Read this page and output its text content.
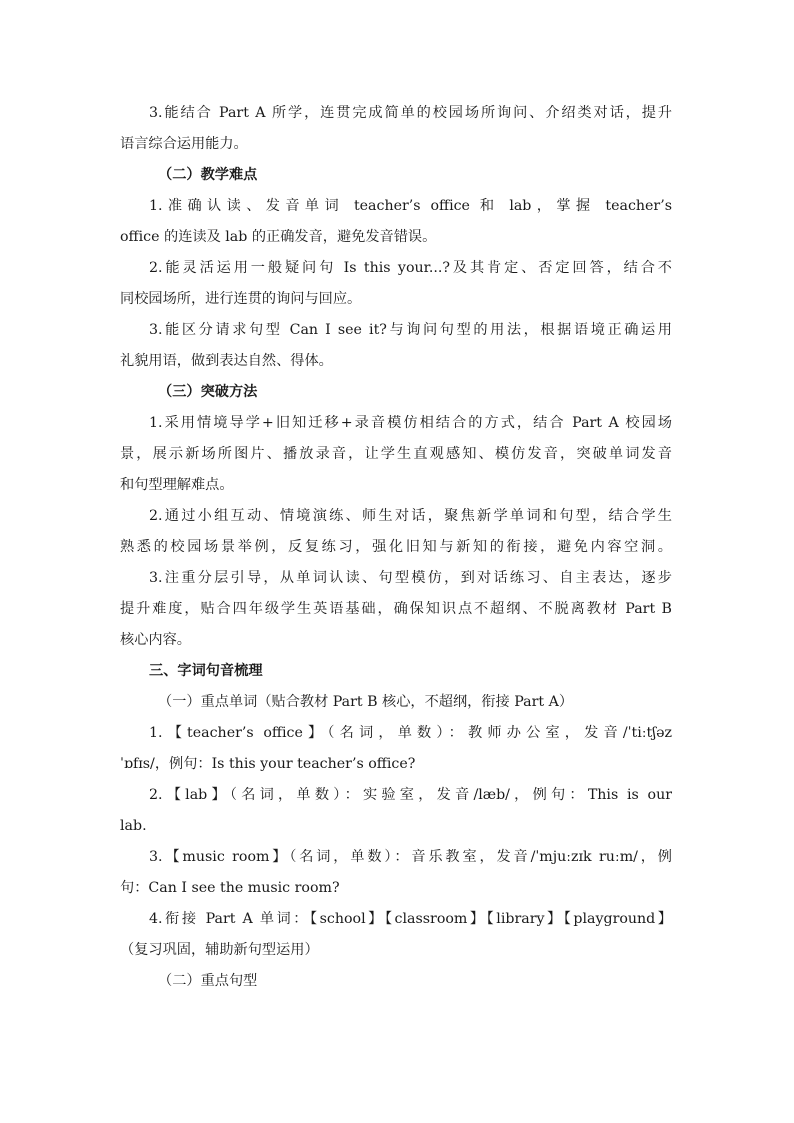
3.能结合 Part A 所学，连贯完成简单的校园场所询问、介绍类对话，提升
语言综合运用能力。
（二）教学难点
1.准确认读、发音单词 teacher’s office 和 lab，掌握 teacher’s
office 的连读及 lab 的正确发音，避免发音错误。
2.能灵活运用一般疑问句 Is this your...?及其肯定、否定回答，结合不
同校园场所，进行连贯的询问与回应。
3.能区分请求句型 Can I see it?与询问句型的用法，根据语境正确运用
礼貌用语，做到表达自然、得体。
（三）突破方法
1.采用情境导学+旧知迁移+录音模仿相结合的方式，结合 Part A 校园场
景，展示新场所图片、播放录音，让学生直观感知、模仿发音，突破单词发音
和句型理解难点。
2.通过小组互动、情境演练、师生对话，聚焦新学单词和句型，结合学生
熟悉的校园场景举例，反复练习，强化旧知与新知的衔接，避免内容空洞。
3.注重分层引导，从单词认读、句型模仿，到对话练习、自主表达，逐步
提升难度，贴合四年级学生英语基础，确保知识点不超纲、不脱离教材 Part B
核心内容。
三、字词句音梳理
（一）重点单词（贴合教材 Part B 核心，不超纲，衔接 Part A）
1.【teacher’s office】（名词，单数）：教师办公室，发音/ˈtiːtʃəz
ˈɒfɪs/，例句：Is this your teacher’s office?
2.【lab】（名词，单数）：实验室，发音/læb/，例句：This is our
lab.
3.【music room】（名词，单数）：音乐教室，发音/ˈmjuːzɪk ruːm/，例
句：Can I see the music room?
4.衔接 Part A 单词：【school】【classroom】【library】【playground】
（复习巩固，辅助新句型运用）
（二）重点句型
